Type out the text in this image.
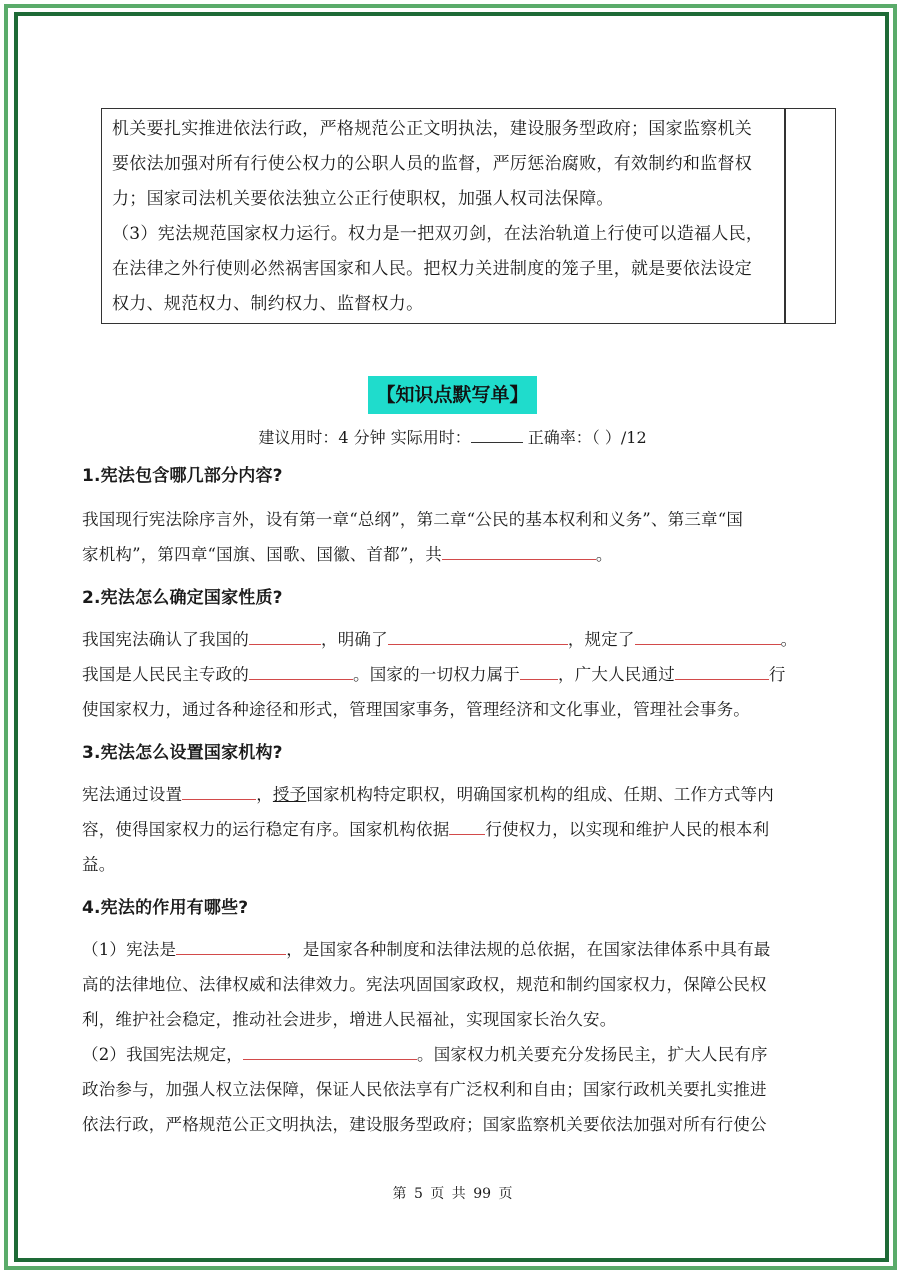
机关要扎实推进依法行政，严格规范公正文明执法，建设服务型政府；国家监察机关

要依法加强对所有行使公权力的公职人员的监督，严厉惩治腐败，有效制约和监督权

力；国家司法机关要依法独立公正行使职权，加强人权司法保障。

（3）宪法规范国家权力运行。权力是一把双刃剑，在法治轨道上行使可以造福人民，

在法律之外行使则必然祸害国家和人民。把权力关进制度的笼子里，就是要依法设定

权力、规范权力、制约权力、监督权力。

【知识点默写单】
建议用时：4 分钟 实际用时：	正确率：（ ）/12

1.宪法包含哪几部分内容?

我国现行宪法除序言外，设有第一章“总纲”，第二章“公民的基本权利和义务”、第三章“国

家机构”，第四章“国旗、国歌、国徽、首都”，共	。

2.宪法怎么确定国家性质?

我国宪法确认了我国的	，明确了	，规定了	。

我国是人民民主专政的	。国家的一切权力属于 ，广大人民通过	行

使国家权力，通过各种途径和形式，管理国家事务，管理经济和文化事业，管理社会事务。

3.宪法怎么设置国家机构?

宪法通过设置	，授予国家机构特定职权，明确国家机构的组成、任期、工作方式等内

容，使得国家权力的运行稳定有序。国家机构依据 行使权力，以实现和维护人民的根本利

益。

4.宪法的作用有哪些?

（1）宪法是	，是国家各种制度和法律法规的总依据，在国家法律体系中具有最

高的法律地位、法律权威和法律效力。宪法巩固国家政权，规范和制约国家权力，保障公民权

利，维护社会稳定，推动社会进步，增进人民福祉，实现国家长治久安。

（2）我国宪法规定，	。国家权力机关要充分发扬民主，扩大人民有序

政治参与，加强人权立法保障，保证人民依法享有广泛权利和自由；国家行政机关要扎实推进

依法行政，严格规范公正文明执法，建设服务型政府；国家监察机关要依法加强对所有行使公

第 5 页 共 99 页
